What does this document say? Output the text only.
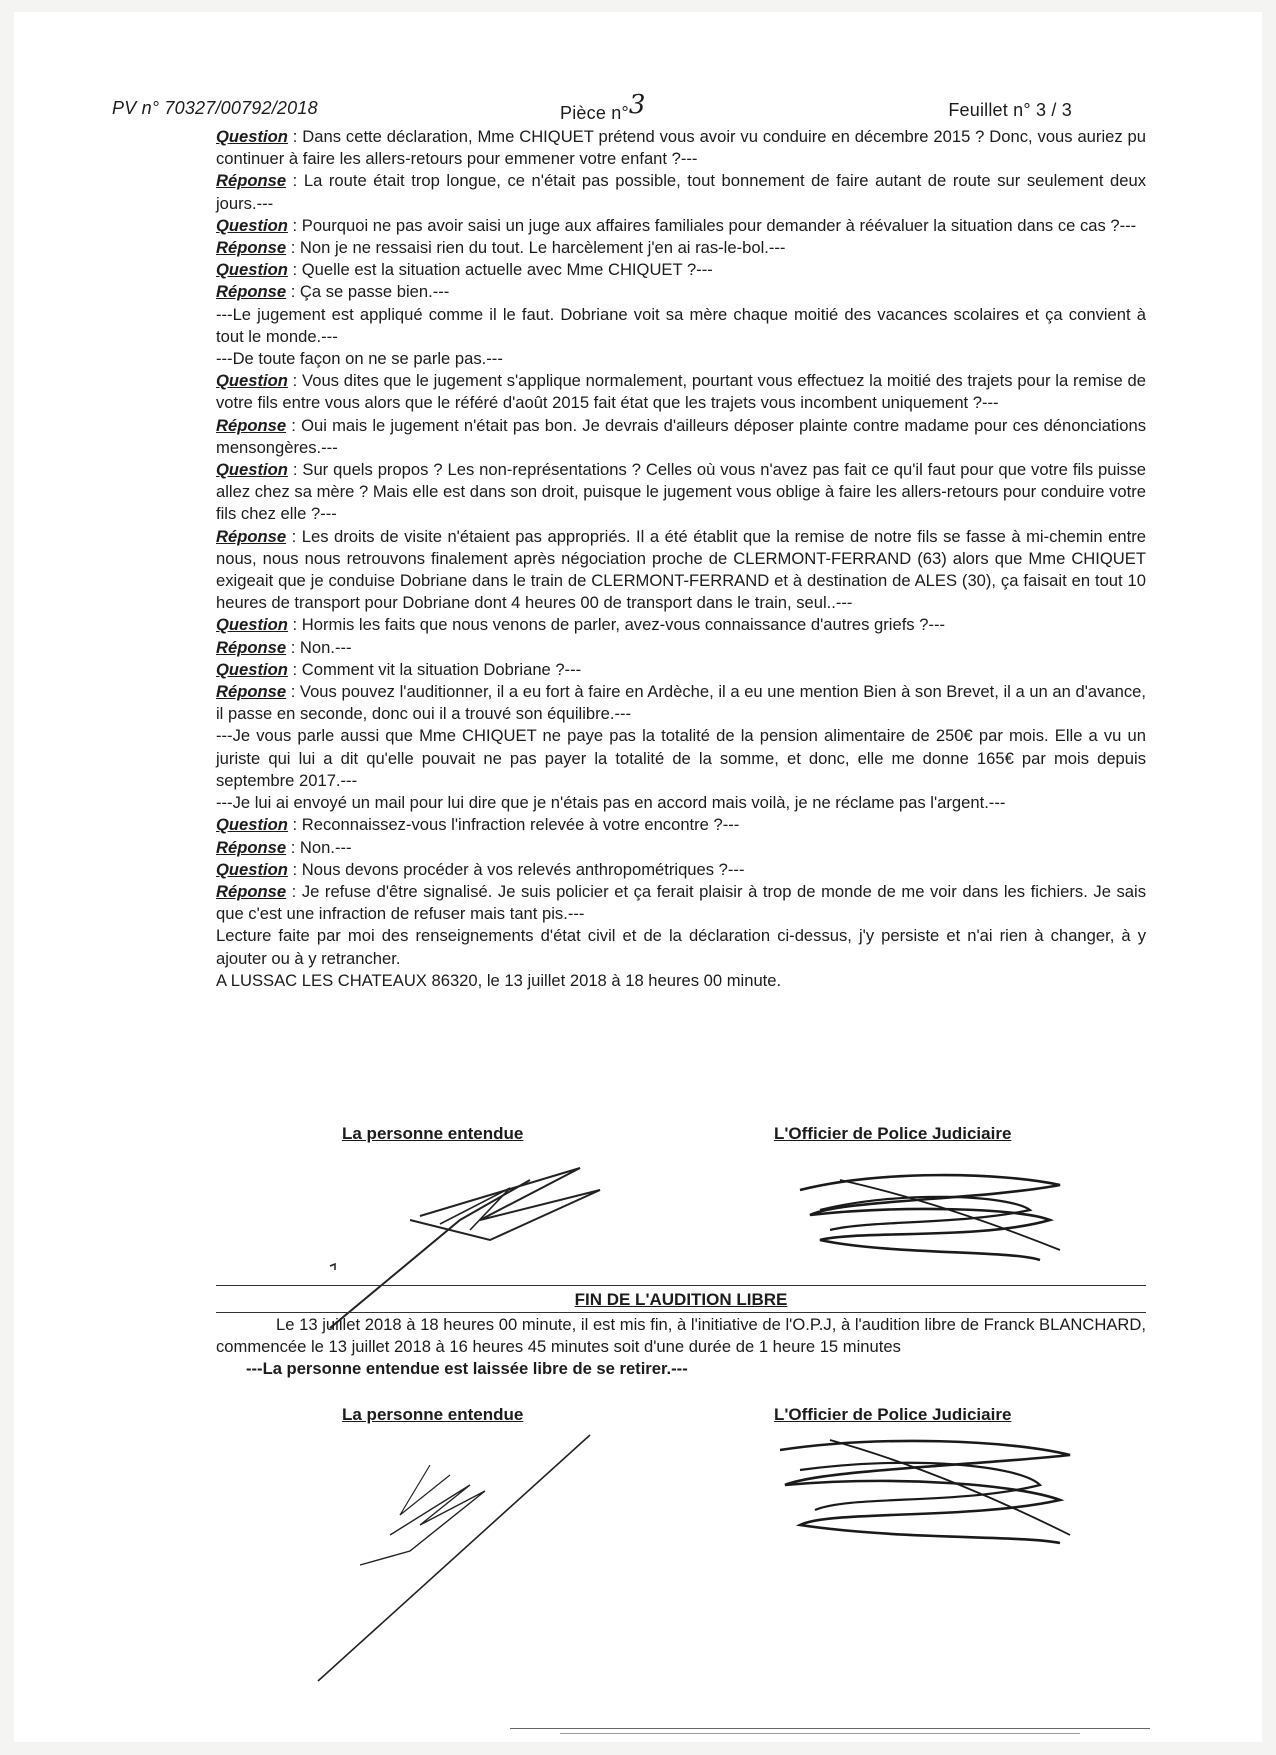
PV n° 70327/00792/2018	Pièce n°3	Feuillet n° 3 / 3

Question : Dans cette déclaration, Mme CHIQUET prétend vous avoir vu conduire en décembre 2015 ? Donc, vous auriez pu continuer à faire les allers-retours pour emmener votre enfant ?---

Réponse : La route était trop longue, ce n'était pas possible, tout bonnement de faire autant de route sur seulement deux jours.---

Question : Pourquoi ne pas avoir saisi un juge aux affaires familiales pour demander à réévaluer la situation dans ce cas ?---

Réponse : Non je ne ressaisi rien du tout. Le harcèlement j'en ai ras-le-bol.---

Question : Quelle est la situation actuelle avec Mme CHIQUET ?---

Réponse : Ça se passe bien.---

---Le jugement est appliqué comme il le faut. Dobriane voit sa mère chaque moitié des vacances scolaires et ça convient à tout le monde.---

---De toute façon on ne se parle pas.---

Question : Vous dites que le jugement s'applique normalement, pourtant vous effectuez la moitié des trajets pour la remise de votre fils entre vous alors que le référé d'août 2015 fait état que les trajets vous incombent uniquement ?---

Réponse : Oui mais le jugement n'était pas bon. Je devrais d'ailleurs déposer plainte contre madame pour ces dénonciations mensongères.---

Question : Sur quels propos ? Les non-représentations ? Celles où vous n'avez pas fait ce qu'il faut pour que votre fils puisse allez chez sa mère ? Mais elle est dans son droit, puisque le jugement vous oblige à faire les allers-retours pour conduire votre fils chez elle ?---

Réponse : Les droits de visite n'étaient pas appropriés. Il a été établit que la remise de notre fils se fasse à mi-chemin entre nous, nous nous retrouvons finalement après négociation proche de CLERMONT-FERRAND (63) alors que Mme CHIQUET exigeait que je conduise Dobriane dans le train de CLERMONT-FERRAND et à destination de ALES (30), ça faisait en tout 10 heures de transport pour Dobriane dont 4 heures 00 de transport dans le train, seul..---

Question : Hormis les faits que nous venons de parler, avez-vous connaissance d'autres griefs ?---

Réponse : Non.---

Question : Comment vit la situation Dobriane ?---

Réponse : Vous pouvez l'auditionner, il a eu fort à faire en Ardèche, il a eu une mention Bien à son Brevet, il a un an d'avance, il passe en seconde, donc oui il a trouvé son équilibre.---

---Je vous parle aussi que Mme CHIQUET ne paye pas la totalité de la pension alimentaire de 250€ par mois. Elle a vu un juriste qui lui a dit qu'elle pouvait ne pas payer la totalité de la somme, et donc, elle me donne 165€ par mois depuis septembre 2017.---

---Je lui ai envoyé un mail pour lui dire que je n'étais pas en accord mais voilà, je ne réclame pas l'argent.---

Question : Reconnaissez-vous l'infraction relevée à votre encontre ?---

Réponse : Non.---

Question : Nous devons procéder à vos relevés anthropométriques ?---

Réponse : Je refuse d'être signalisé. Je suis policier et ça ferait plaisir à trop de monde de me voir dans les fichiers. Je sais que c'est une infraction de refuser mais tant pis.---

Lecture faite par moi des renseignements d'état civil et de la déclaration ci-dessus, j'y persiste et n'ai rien à changer, à y ajouter ou à y retrancher.

A LUSSAC LES CHATEAUX 86320, le 13 juillet 2018 à 18 heures 00 minute.

La personne entendue	L'Officier de Police Judiciaire
FIN DE L'AUDITION LIBRE

Le 13 juillet 2018 à 18 heures 00 minute, il est mis fin, à l'initiative de l'O.P.J, à l'audition libre de Franck BLANCHARD, commencée le 13 juillet 2018 à 16 heures 45 minutes soit d'une durée de 1 heure 15 minutes

---La personne entendue est laissée libre de se retirer.---

La personne entendue	L'Officier de Police Judiciaire
